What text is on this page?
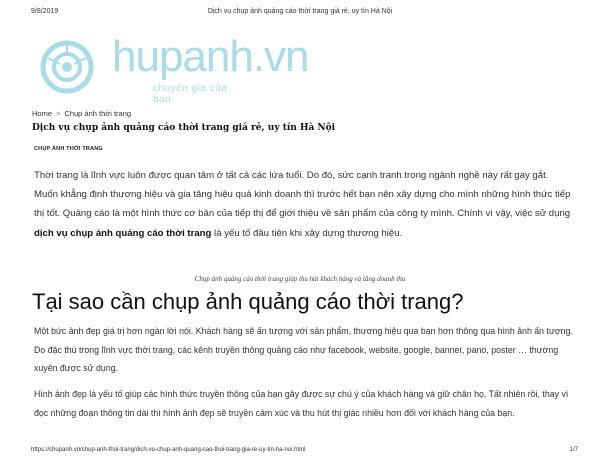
9/8/2019	Dịch vụ chụp ảnh quảng cáo thời trang giá rẻ, uy tín Hà Nội
hupanh.vn
chuyên gia của bạn
Home > Chụp ảnh thời trang
Dịch vụ chụp ảnh quảng cáo thời trang giá rẻ, uy tín Hà Nội
CHỤP ẢNH THỜI TRANG
Thời trang là lĩnh vực luôn được quan tâm ở tất cả các lứa tuổi. Do đó, sức cạnh tranh trong ngành nghề này rất gay gắt. Muốn khẳng định thương hiệu và gia tăng hiệu quả kinh doanh thì trước hết bạn nên xây dựng cho mình những hình thức tiếp thị tốt. Quảng cáo là một hình thức cơ bản của tiếp thị để giới thiệu về sản phẩm của công ty mình. Chính vì vậy, việc sử dụng dịch vụ chụp ảnh quảng cáo thời trang là yếu tố đầu tiên khi xây dựng thương hiệu.
Chụp ảnh quảng cáo thời trang giúp thu hút khách hàng và tăng doanh thu
Tại sao cần chụp ảnh quảng cáo thời trang?
Một bức ảnh đẹp giá trị hơn ngàn lời nói. Khách hàng sẽ ấn tượng với sản phẩm, thương hiệu qua bạn hơn thông qua hình ảnh ấn tượng. Do đặc thù trong lĩnh vực thời trang, các kênh truyền thông quảng cáo như facebook, website, google, banner, pano, poster … thường xuyên được sử dụng.
Hình ảnh đẹp là yếu tố giúp các hình thức truyền thông của bạn gây được sự chú ý của khách hàng và giữ chân họ. Tất nhiên rồi, thay vì đọc những đoạn thông tin dài thì hình ảnh đẹp sẽ truyền cảm xúc và thu hút thị giác nhiều hơn đối với khách hàng của bạn.
https://chupanh.vn/chup-anh-thoi-trang/dich-vu-chup-anh-quang-cao-thoi-trang-gia-re-uy-tin-ha-noi.html	1/7
